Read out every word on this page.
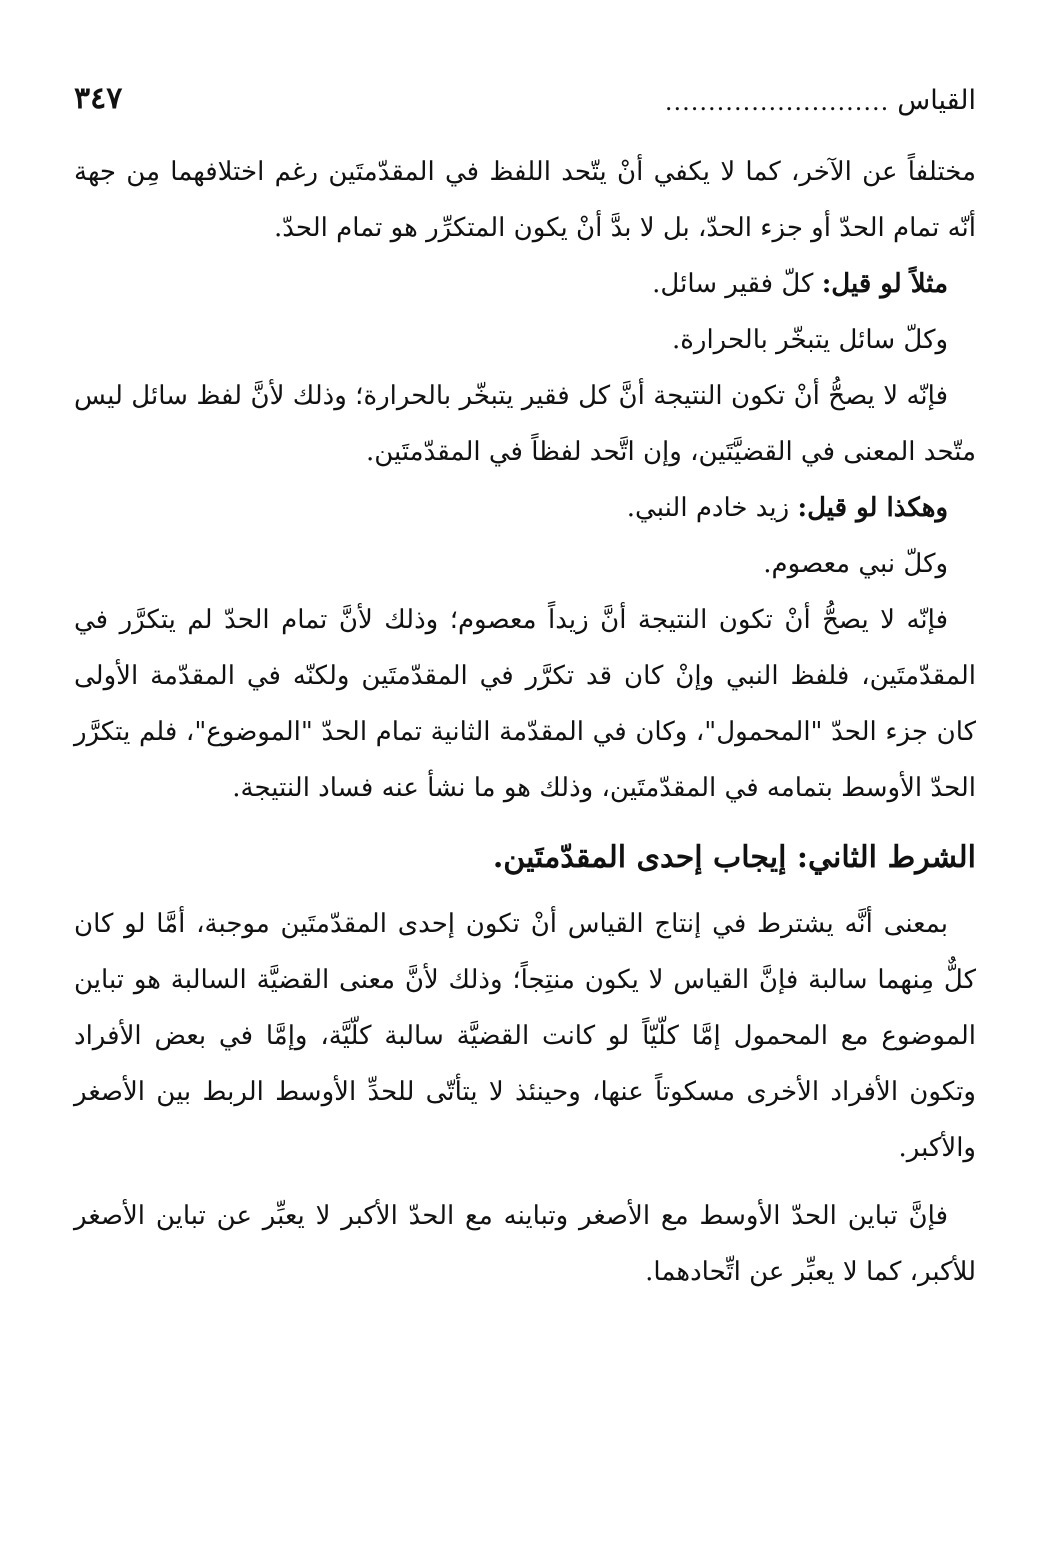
القياس
..........................
٣٤٧

مختلفاً عن الآخر، كما لا يكفي أنْ يتّحد اللفظ في المقدّمتَين رغم اختلافهما مِن جهة أنّه تمام الحدّ أو جزء الحدّ، بل لا بدَّ أنْ يكون المتكرِّر هو تمام الحدّ.

مثلاً لو قيل: كلّ فقير سائل.

وكلّ سائل يتبخّر بالحرارة.

فإنّه لا يصحُّ أنْ تكون النتيجة أنَّ كل فقير يتبخّر بالحرارة؛ وذلك لأنَّ لفظ سائل ليس متّحد المعنى في القضيَّتَين، وإن اتَّحد لفظاً في المقدّمتَين.

وهكذا لو قيل: زيد خادم النبي.

وكلّ نبي معصوم.

فإنّه لا يصحُّ أنْ تكون النتيجة أنَّ زيداً معصوم؛ وذلك لأنَّ تمام الحدّ لم يتكرَّر في المقدّمتَين، فلفظ النبي وإنْ كان قد تكرَّر في المقدّمتَين ولكنّه في المقدّمة الأولى كان جزء الحدّ "المحمول"، وكان في المقدّمة الثانية تمام الحدّ "الموضوع"، فلم يتكرَّر الحدّ الأوسط بتمامه في المقدّمتَين، وذلك هو ما نشأ عنه فساد النتيجة.

الشرط الثاني: إيجاب إحدى المقدّمتَين.

بمعنى أنَّه يشترط في إنتاج القياس أنْ تكون إحدى المقدّمتَين موجبة، أمَّا لو كان كلٌّ مِنهما سالبة فإنَّ القياس لا يكون منتِجاً؛ وذلك لأنَّ معنى القضيَّة السالبة هو تباين الموضوع مع المحمول إمَّا كلّيّاً لو كانت القضيَّة سالبة كلّيَّة، وإمَّا في بعض الأفراد وتكون الأفراد الأخرى مسكوتاً عنها، وحينئذ لا يتأتّى للحدِّ الأوسط الربط بين الأصغر والأكبر.

فإنَّ تباين الحدّ الأوسط مع الأصغر وتباينه مع الحدّ الأكبر لا يعبِّر عن تباين الأصغر للأكبر، كما لا يعبِّر عن اتِّحادهما.
